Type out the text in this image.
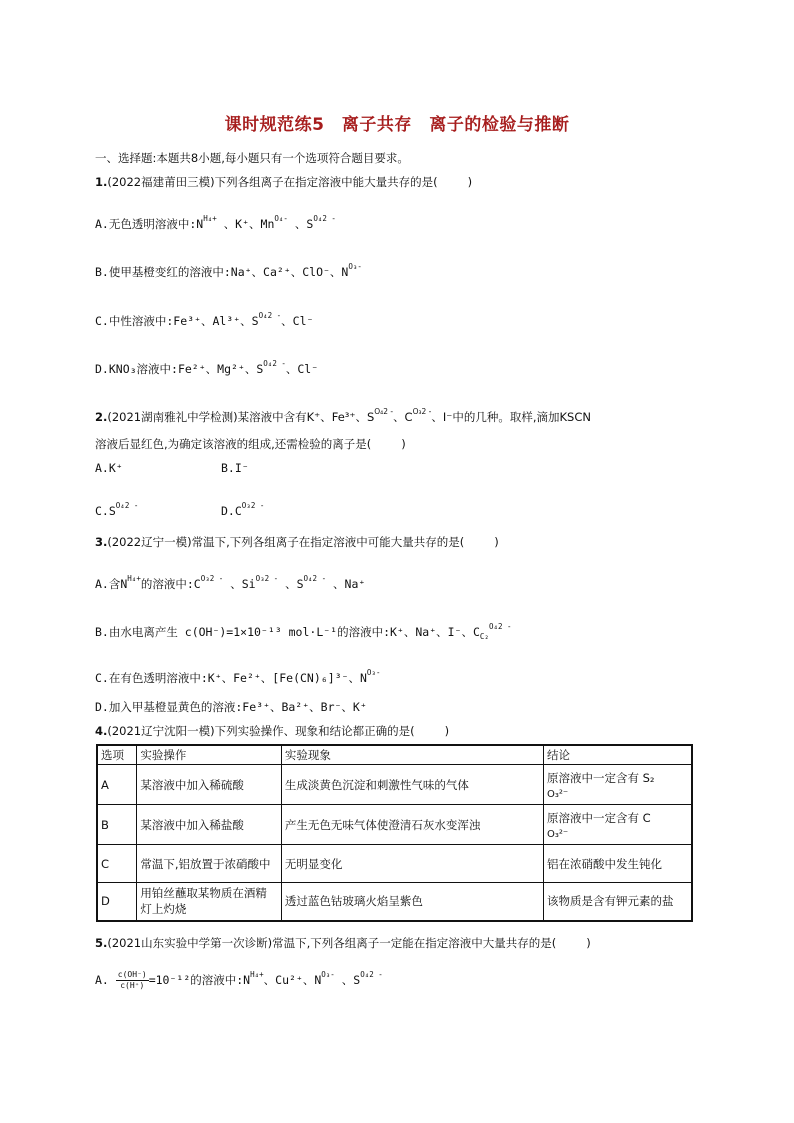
课时规范练5　离子共存　离子的检验与推断
一、选择题:本题共8小题,每小题只有一个选项符合题目要求。
1.(2022福建莆田三模)下列各组离子在指定溶液中能大量共存的是(	)
A.无色透明溶液中$:N^{H_4+}$ 、K⁺、$Mn^{O_4-}$ 、$S^{O_42 -}$
B.使甲基橙变红的溶液中:Na⁺、Ca²⁺、ClO⁻、$N^{O_3-}$
C.中性溶液中:Fe³⁺、Al³⁺、$S^{O_42 -}$、Cl⁻
D.KNO₃溶液中:Fe²⁺、Mg²⁺、$S^{O_42 -}$、Cl⁻
2.(2021湖南雅礼中学检测)某溶液中含有K⁺、Fe³⁺、$S^{O_42 -}$、$C^{O_32 -}$、I⁻中的几种。取样,滴加KSCN
溶液后显红色,为确定该溶液的组成,还需检验的离子是(	)
A.K⁺	B.I⁻
$C.S^{O_42 -}$	$D.C^{O_32 -}$
3.(2022辽宁一模)常温下,下列各组离子在指定溶液中可能大量共存的是(	)
A.含$N^{H_4+}$的溶液中$:C^{O_32 -}$ 、$Si^{O_32 -}$ 、$S^{O_42 -}$ 、Na⁺
B.由水电离产生 c(OH⁻)=1×10⁻¹³ mol·L⁻¹的溶液中:K⁺、Na⁺、I⁻、$C_{C_2}^{O_42 -}$
C.在有色透明溶液中:K⁺、Fe²⁺、[Fe(CN)₆]³⁻、$N^{O_3-}$
D.加入甲基橙显黄色的溶液:Fe³⁺、Ba²⁺、Br⁻、K⁺
4.(2021辽宁沈阳一模)下列实验操作、现象和结论都正确的是(	)
选项	实验操作	实验现象	结论
A	某溶液中加入稀硫酸	生成淡黄色沉淀和刺激性气味的气体	原溶液中一定含有 S₂
O₃²⁻
B	某溶液中加入稀盐酸	产生无色无味气体使澄清石灰水变浑浊	原溶液中一定含有 C
O₃²⁻
C	常温下,铝放置于浓硝酸中	无明显变化	铝在浓硝酸中发生钝化
D	用铂丝蘸取某物质在酒精灯上灼烧	透过蓝色钴玻璃火焰呈紫色	该物质是含有钾元素的盐
5.(2021山东实验中学第一次诊断)常温下,下列各组离子一定能在指定溶液中大量共存的是(	)
A. $\frac{c(OH^-)}{c(H^+)} =10^{-12}$的溶液中$:N^{H_4+}$、Cu²⁺、$N^{O_3-}$ 、$S^{O_42 -}$
